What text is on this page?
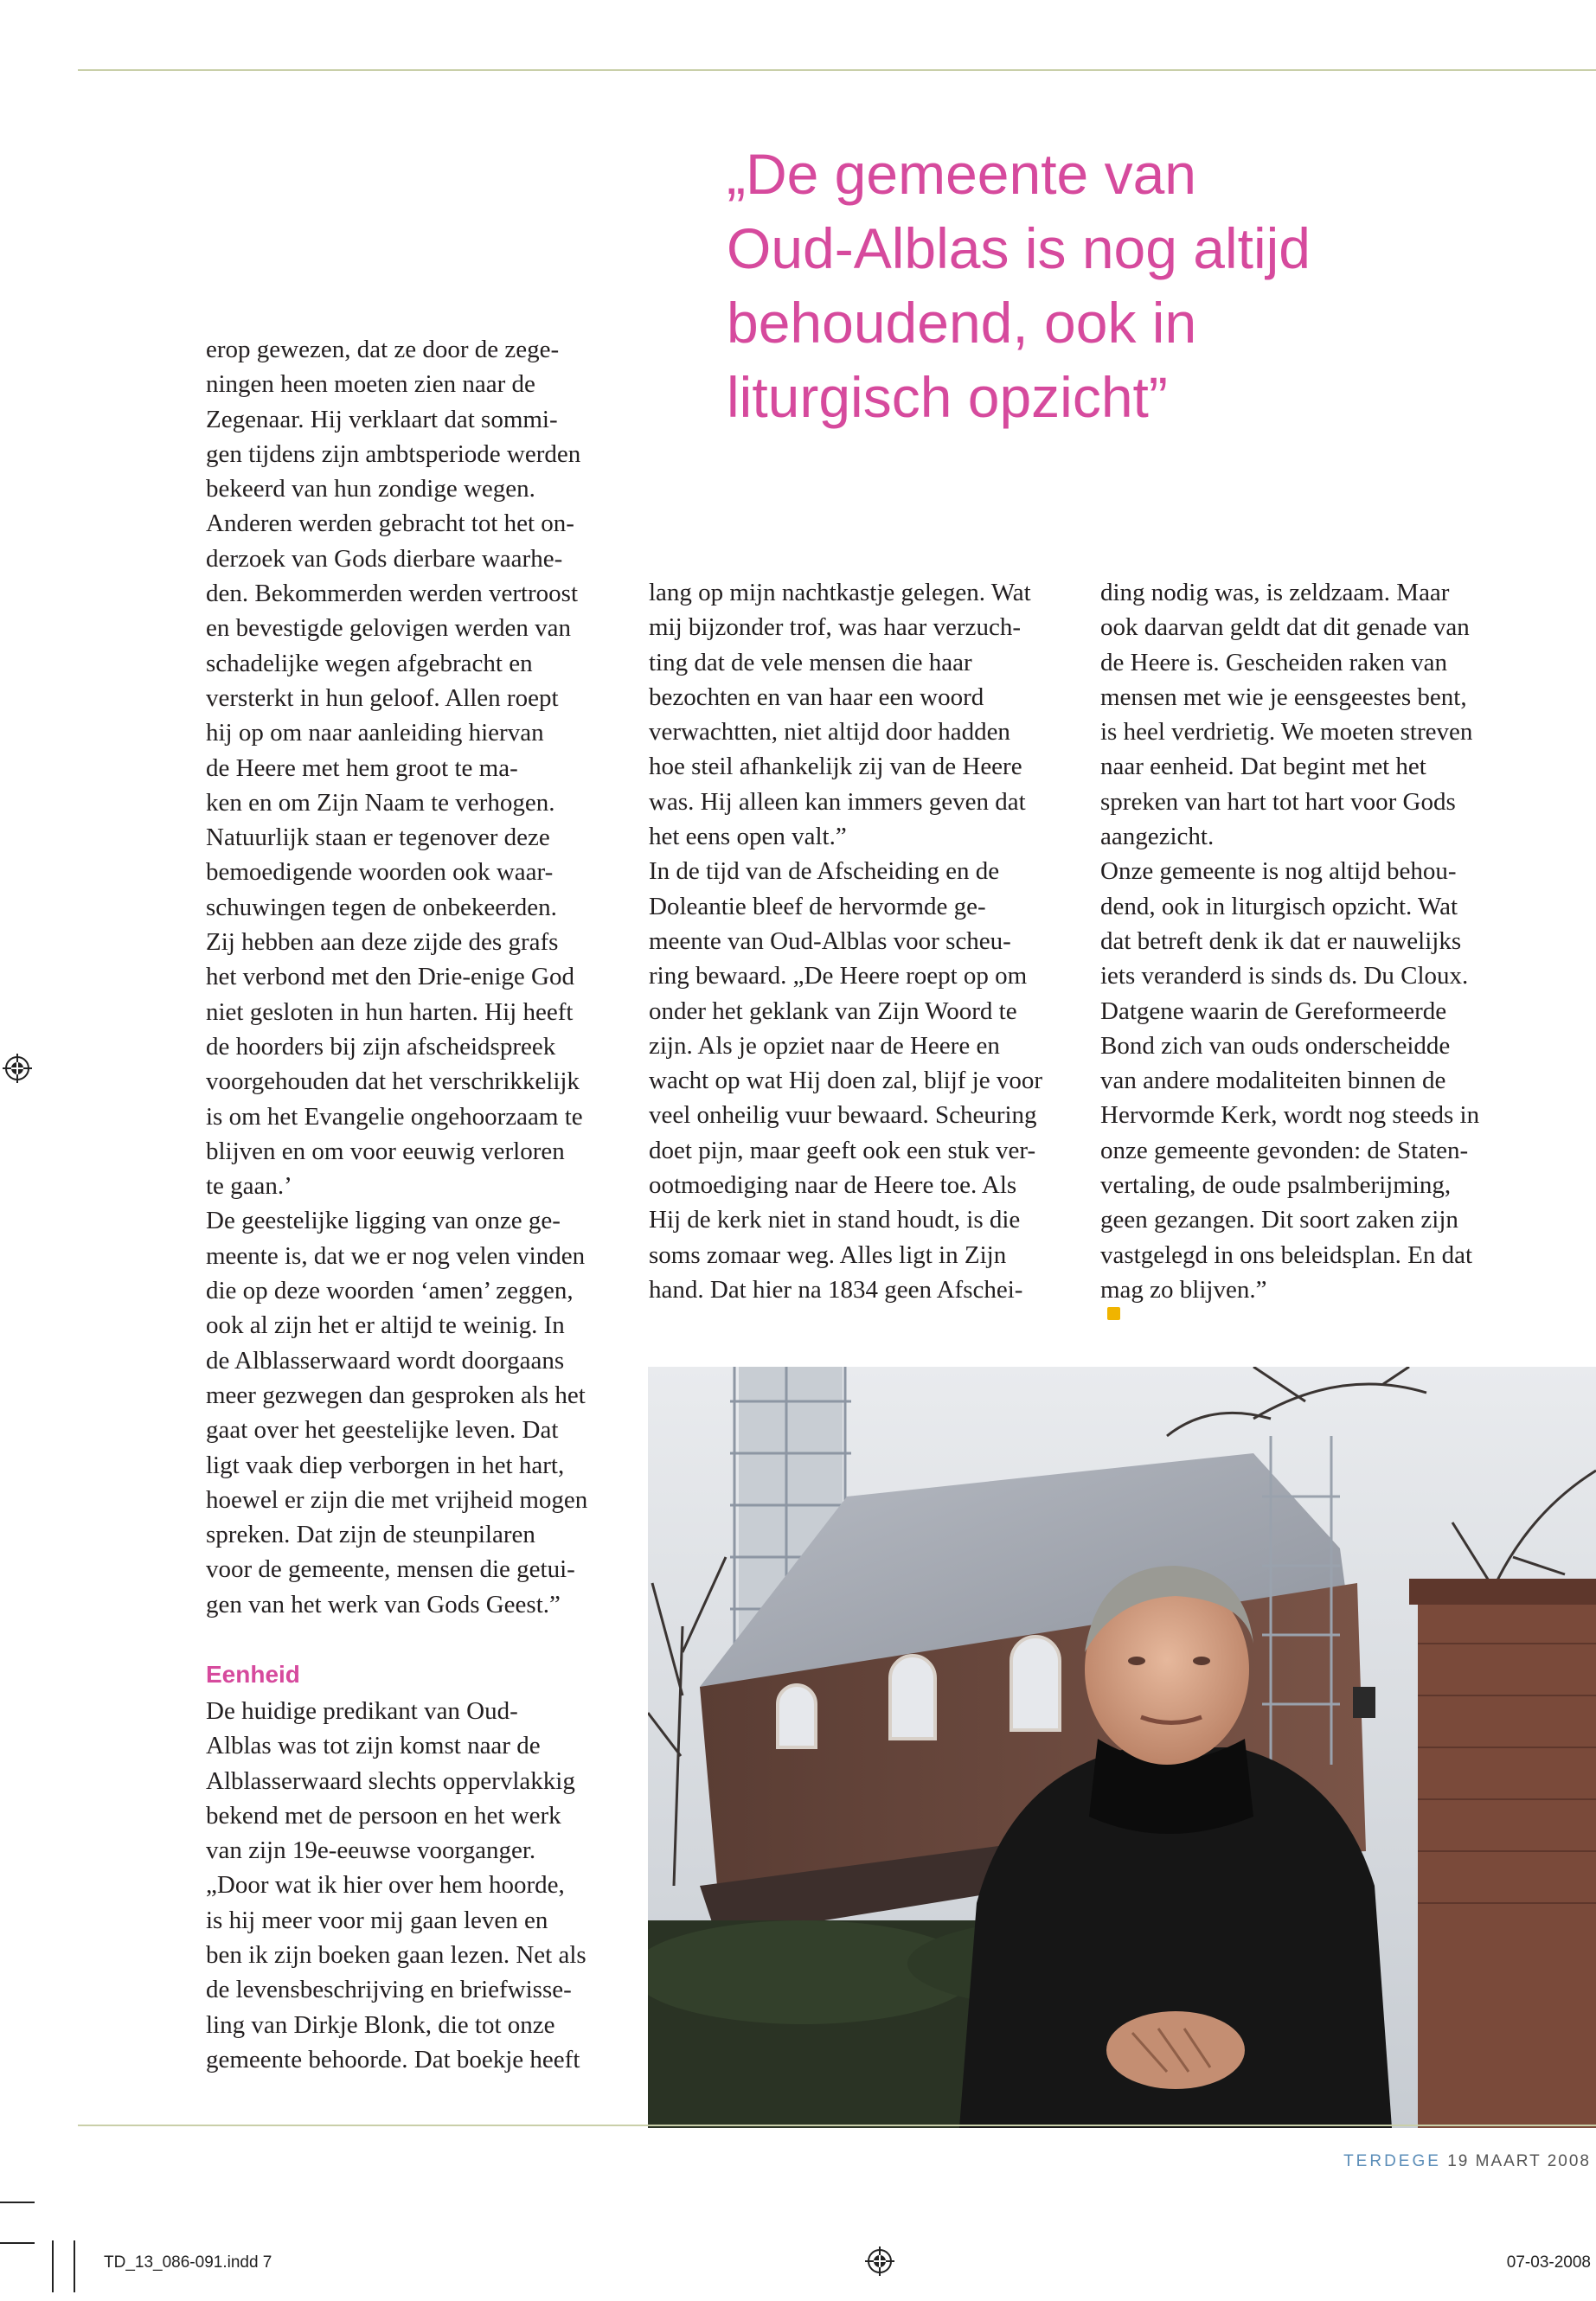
„De gemeente van
Oud-Alblas is nog altijd
behoudend, ook in
liturgisch opzicht”
erop gewezen, dat ze door de zege-
ningen heen moeten zien naar de
Zegenaar. Hij verklaart dat sommi-
gen tijdens zijn ambtsperiode werden
bekeerd van hun zondige wegen.
Anderen werden gebracht tot het on-
derzoek van Gods dierbare waarhe-
den. Bekommerden werden vertroost
en bevestigde gelovigen werden van
schadelijke wegen afgebracht en
versterkt in hun geloof. Allen roept
hij op om naar aanleiding hiervan
de Heere met hem groot te ma-
ken en om Zijn Naam te verhogen.
Natuurlijk staan er tegenover deze
bemoedigende woorden ook waar-
schuwingen tegen de onbekeerden.
Zij hebben aan deze zijde des grafs
het verbond met den Drie-enige God
niet gesloten in hun harten. Hij heeft
de hoorders bij zijn afscheidspreek
voorgehouden dat het verschrikkelijk
is om het Evangelie ongehoorzaam te
blijven en om voor eeuwig verloren
te gaan.’
De geestelijke ligging van onze ge-
meente is, dat we er nog velen vinden
die op deze woorden ‘amen’ zeggen,
ook al zijn het er altijd te weinig. In
de Alblasserwaard wordt doorgaans
meer gezwegen dan gesproken als het
gaat over het geestelijke leven. Dat
ligt vaak diep verborgen in het hart,
hoewel er zijn die met vrijheid mogen
spreken. Dat zijn de steunpilaren
voor de gemeente, mensen die getui-
gen van het werk van Gods Geest.”
Eenheid
De huidige predikant van Oud-
Alblas was tot zijn komst naar de
Alblasserwaard slechts oppervlakkig
bekend met de persoon en het werk
van zijn 19e-eeuwse voorganger.
„Door wat ik hier over hem hoorde,
is hij meer voor mij gaan leven en
ben ik zijn boeken gaan lezen. Net als
de levensbeschrijving en briefwisse-
ling van Dirkje Blonk, die tot onze
gemeente behoorde. Dat boekje heeft
lang op mijn nachtkastje gelegen. Wat
mij bijzonder trof, was haar verzuch-
ting dat de vele mensen die haar
bezochten en van haar een woord
verwachtten, niet altijd door hadden
hoe steil afhankelijk zij van de Heere
was. Hij alleen kan immers geven dat
het eens open valt.”
In de tijd van de Afscheiding en de
Doleantie bleef de hervormde ge-
meente van Oud-Alblas voor scheu-
ring bewaard. „De Heere roept op om
onder het geklank van Zijn Woord te
zijn. Als je opziet naar de Heere en
wacht op wat Hij doen zal, blijf je voor
veel onheilig vuur bewaard. Scheuring
doet pijn, maar geeft ook een stuk ver-
ootmoediging naar de Heere toe. Als
Hij de kerk niet in stand houdt, is die
soms zomaar weg. Alles ligt in Zijn
hand. Dat hier na 1834 geen Afschei-
ding nodig was, is zeldzaam. Maar
ook daarvan geldt dat dit genade van
de Heere is. Gescheiden raken van
mensen met wie je eensgeestes bent,
is heel verdrietig. We moeten streven
naar eenheid. Dat begint met het
spreken van hart tot hart voor Gods
aangezicht.
Onze gemeente is nog altijd behou-
dend, ook in liturgisch opzicht. Wat
dat betreft denk ik dat er nauwelijks
iets veranderd is sinds ds. Du Cloux.
Datgene waarin de Gereformeerde
Bond zich van ouds onderscheidde
van andere modaliteiten binnen de
Hervormde Kerk, wordt nog steeds in
onze gemeente gevonden: de Staten-
vertaling, de oude psalmberijming,
geen gezangen. Dit soort zaken zijn
vastgelegd in ons beleidsplan. En dat
mag zo blijven.”
TERDEGE 19 MAART 2008
TD_13_086-091.indd 7	07-03-2008
